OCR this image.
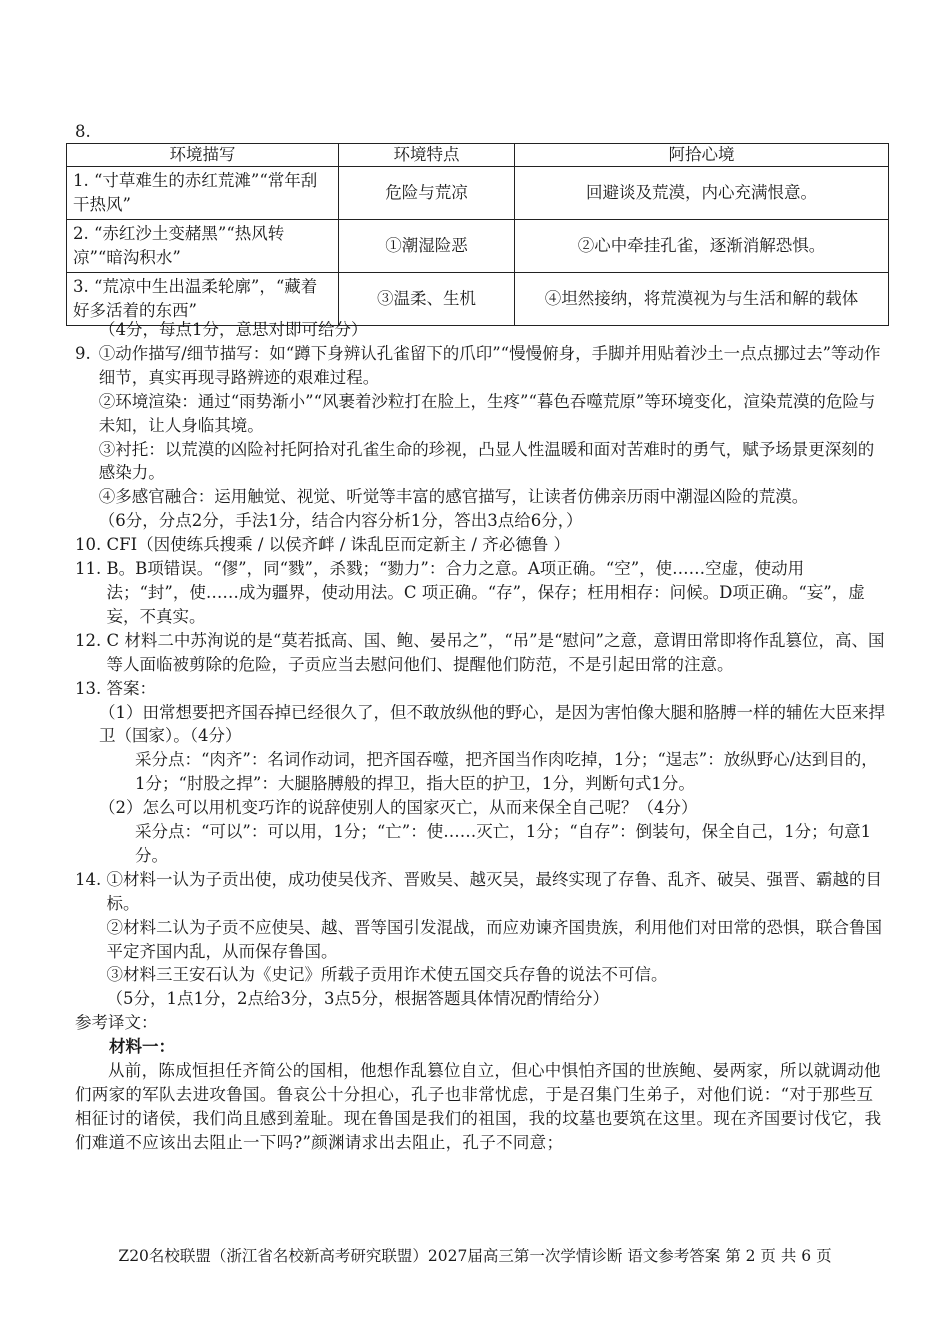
8.
环境描写	环境特点	阿拾心境
1. “寸草难生的赤红荒滩”“常年刮干热风”	危险与荒凉	回避谈及荒漠，内心充满恨意。
2. “赤红沙土变赭黑”“热风转凉”“暗沟积水”	①潮湿险恶	②心中牵挂孔雀，逐渐消解恐惧。
3. “荒凉中生出温柔轮廓”，“藏着好多活着的东西”	③温柔、生机	④坦然接纳，将荒漠视为与生活和解的载体
（4分，每点1分，意思对即可给分）
9. ①动作描写/细节描写：如“蹲下身辨认孔雀留下的爪印”“慢慢俯身，手脚并用贴着沙土一点点挪过去”等动作细节，真实再现寻路辨迹的艰难过程。
②环境渲染：通过“雨势渐小”“风裹着沙粒打在脸上，生疼”“暮色吞噬荒原”等环境变化，渲染荒漠的危险与未知，让人身临其境。
③衬托：以荒漠的凶险衬托阿拾对孔雀生命的珍视，凸显人性温暖和面对苦难时的勇气，赋予场景更深刻的感染力。
④多感官融合：运用触觉、视觉、听觉等丰富的感官描写，让读者仿佛亲历雨中潮湿凶险的荒漠。
（6分，分点2分，手法1分，结合内容分析1分，答出3点给6分，）
10. CFI（因使练兵搜乘 / 以侯齐衅 / 诛乱臣而定新主 / 齐必德鲁 ）
11. B。B项错误。“僇”，同“戮”，杀戮；“勠力”：合力之意。A项正确。“空”，使……空虚，使动用法；“封”，使……成为疆界，使动用法。C 项正确。“存”，保存；枉用相存：问候。D项正确。“妄”，虚妄，不真实。
12. C 材料二中苏洵说的是“莫若抵高、国、鲍、晏吊之”，“吊”是“慰问”之意，意谓田常即将作乱篡位，高、国等人面临被剪除的危险，子贡应当去慰问他们、提醒他们防范，不是引起田常的注意。
13. 答案：
（1）田常想要把齐国吞掉已经很久了，但不敢放纵他的野心，是因为害怕像大腿和胳膊一样的辅佐大臣来捍卫（国家）。（4分）
采分点：“肉齐”：名词作动词，把齐国吞噬，把齐国当作肉吃掉，1分；“逞志”：放纵野心/达到目的，1分；“肘股之捍”：大腿胳膊般的捍卫，指大臣的护卫，1分，判断句式1分。
（2）怎么可以用机变巧诈的说辞使别人的国家灭亡，从而来保全自己呢？（4分）
采分点：“可以”：可以用，1分；“亡”：使……灭亡，1分；“自存”：倒装句，保全自己，1分；句意1分。
14. ①材料一认为子贡出使，成功使吴伐齐、晋败吴、越灭吴，最终实现了存鲁、乱齐、破吴、强晋、霸越的目标。
②材料二认为子贡不应使吴、越、晋等国引发混战，而应劝谏齐国贵族，利用他们对田常的恐惧，联合鲁国平定齐国内乱，从而保存鲁国。
③材料三王安石认为《史记》所载子贡用诈术使五国交兵存鲁的说法不可信。
（5分，1点1分，2点给3分，3点5分，根据答题具体情况酌情给分）
参考译文：
材料一：
从前，陈成恒担任齐简公的国相，他想作乱篡位自立，但心中惧怕齐国的世族鲍、晏两家，所以就调动他们两家的军队去进攻鲁国。鲁哀公十分担心，孔子也非常忧虑，于是召集门生弟子，对他们说：“对于那些互相征讨的诸侯，我们尚且感到羞耻。现在鲁国是我们的祖国，我的坟墓也要筑在这里。现在齐国要讨伐它，我们难道不应该出去阻止一下吗?”颜渊请求出去阻止，孔子不同意；
Z20名校联盟（浙江省名校新高考研究联盟）2027届高三第一次学情诊断 语文参考答案 第 2 页 共 6 页
